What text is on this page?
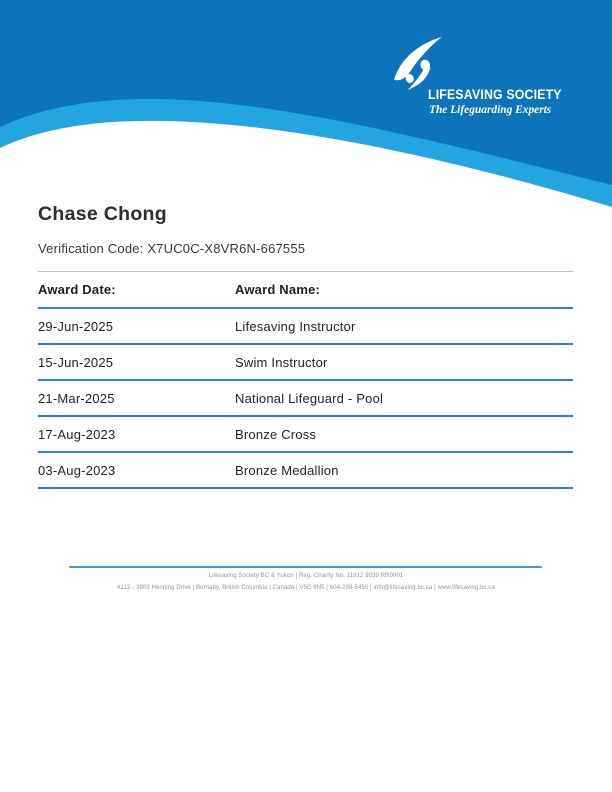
LIFESAVING SOCIETY
The Lifeguarding Experts
Chase Chong
Verification Code: X7UC0C-X8VR6N-667555
Award Date:	Award Name:
29-Jun-2025	Lifesaving Instructor
15-Jun-2025	Swim Instructor
21-Mar-2025	National Lifeguard - Pool
17-Aug-2023	Bronze Cross
03-Aug-2023	Bronze Medallion
Lifesaving Society BC & Yukon | Reg. Charity No. 11912 9039 RR0001
#112 - 3989 Henning Drive | Burnaby, British Columbia | Canada | V5C 6N5 | 604-299-5450 | info@lifesaving.bc.ca | www.lifesaving.bc.ca
